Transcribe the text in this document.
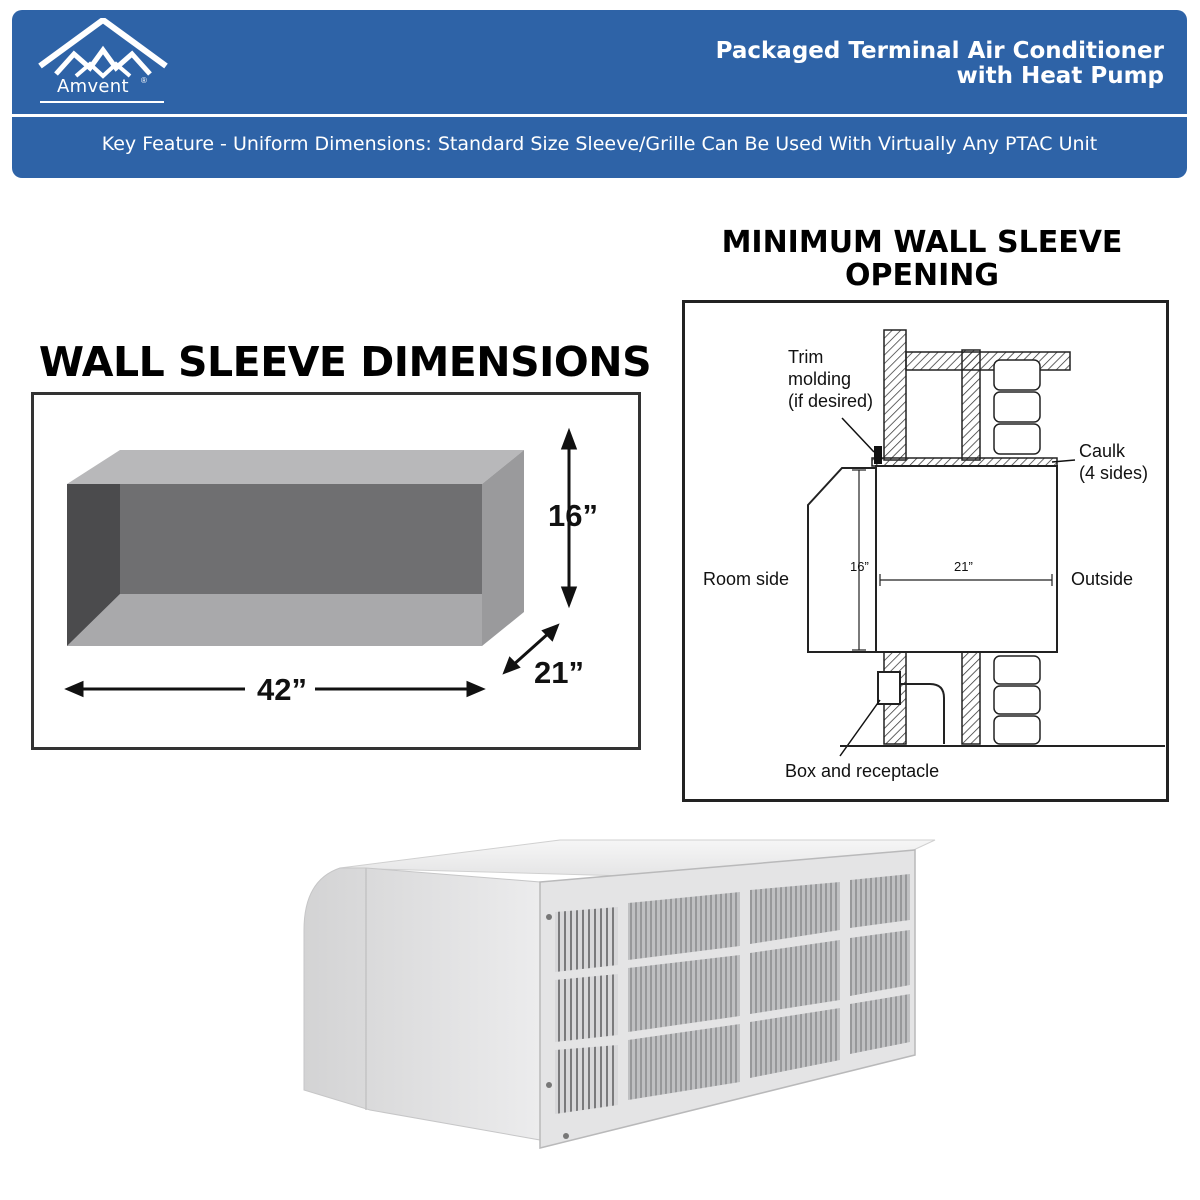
Amvent	®
Packaged Terminal Air Conditioner
with Heat Pump
Key Feature - Uniform Dimensions: Standard Size Sleeve/Grille Can Be Used With Virtually Any PTAC Unit
WALL SLEEVE DIMENSIONS
16”
21”
42”
MINIMUM WALL SLEEVE
OPENING
Trim
molding
(if desired)
Caulk
(4 sides)
Room side	Outside
16”	21”
Box and receptacle
